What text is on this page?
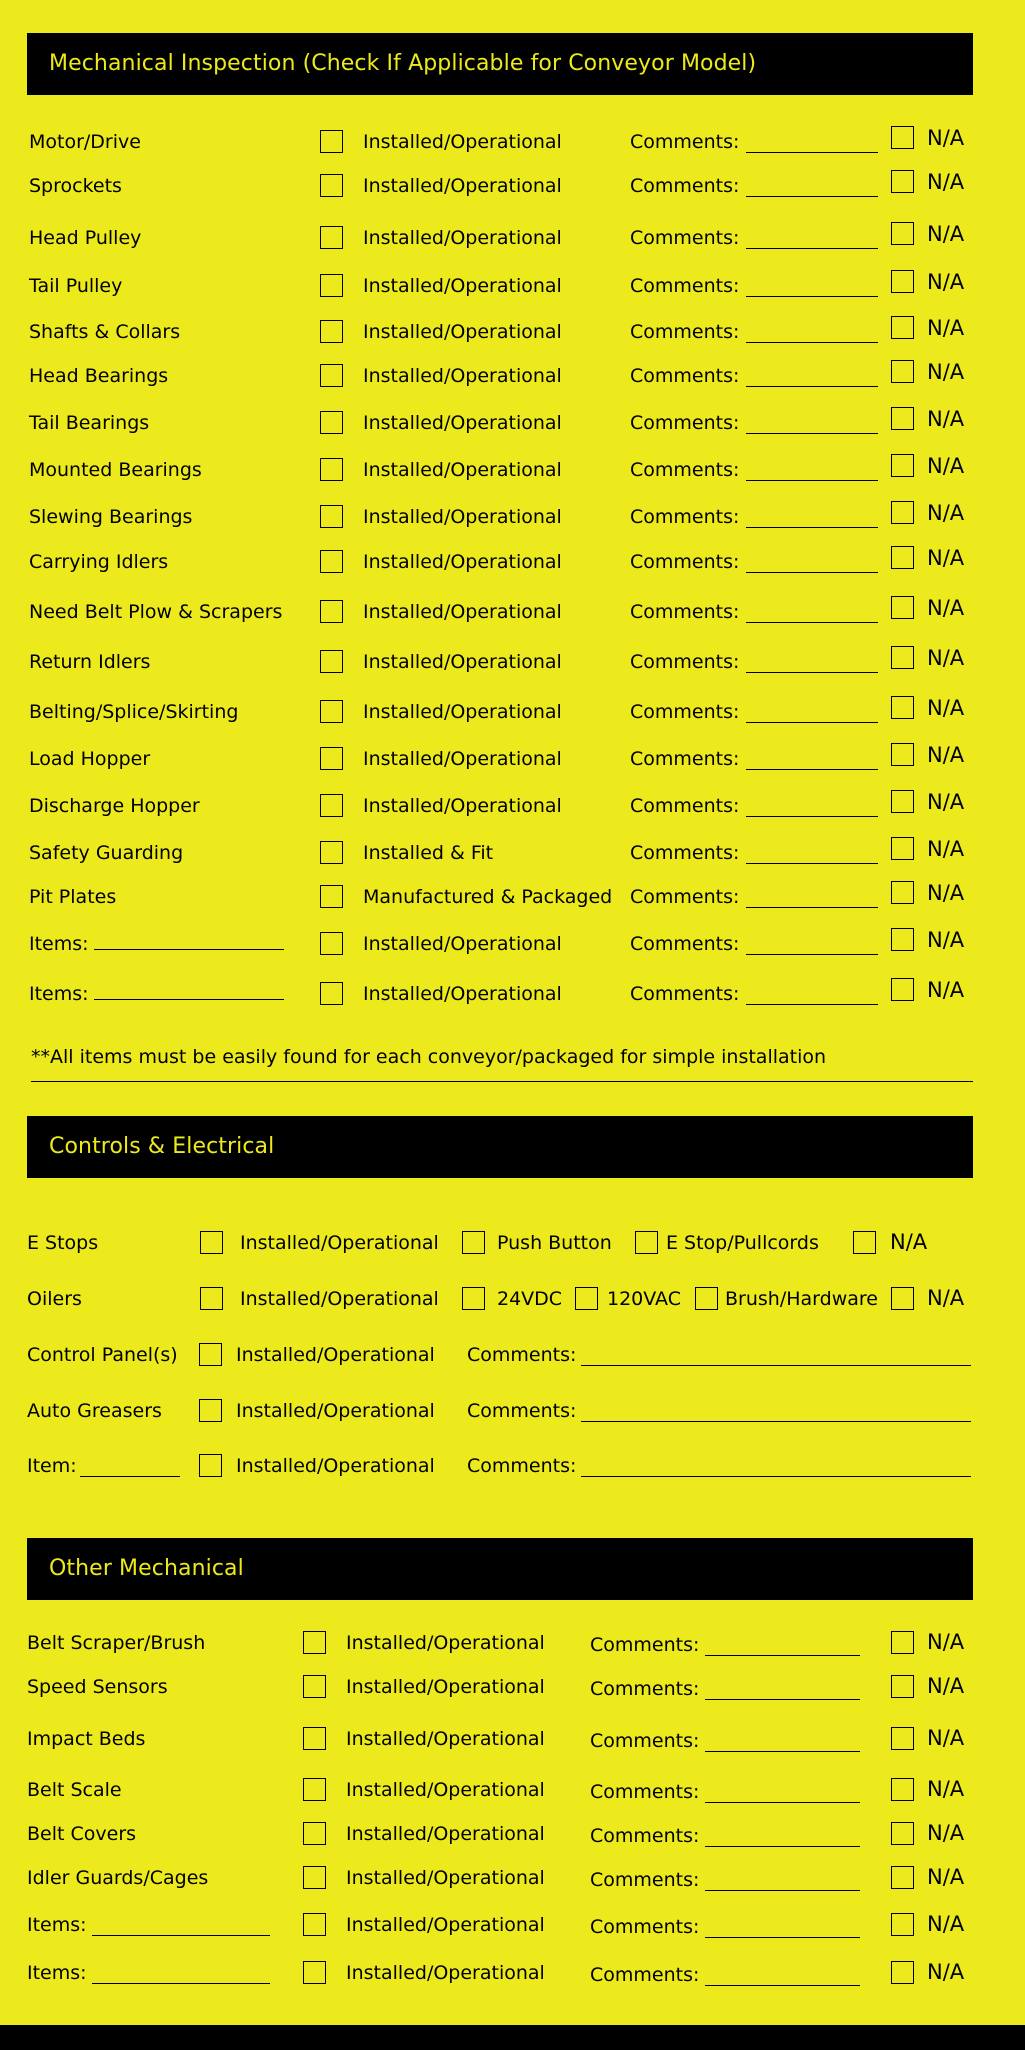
Mechanical Inspection (Check If Applicable for Conveyor Model)
Motor/Drive	Installed/Operational	Comments:	N/A
Sprockets	Installed/Operational	Comments:	N/A
Head Pulley	Installed/Operational	Comments:	N/A
Tail Pulley	Installed/Operational	Comments:	N/A
Shafts & Collars	Installed/Operational	Comments:	N/A
Head Bearings	Installed/Operational	Comments:	N/A
Tail Bearings	Installed/Operational	Comments:	N/A
Mounted Bearings	Installed/Operational	Comments:	N/A
Slewing Bearings	Installed/Operational	Comments:	N/A
Carrying Idlers	Installed/Operational	Comments:	N/A
Need Belt Plow & Scrapers	Installed/Operational	Comments:	N/A
Return Idlers	Installed/Operational	Comments:	N/A
Belting/Splice/Skirting	Installed/Operational	Comments:	N/A
Load Hopper	Installed/Operational	Comments:	N/A
Discharge Hopper	Installed/Operational	Comments:	N/A
Safety Guarding	Installed & Fit	Comments:	N/A
Pit Plates	Manufactured & Packaged Comments:	N/A
Items:	Installed/Operational	Comments:	N/A
Items:	Installed/Operational	Comments:	N/A
**All items must be easily found for each conveyor/packaged for simple installation
Controls & Electrical
E Stops	Installed/Operational	Push Button	E Stop/Pullcords	N/A
Oilers	Installed/Operational	24VDC 120VAC Brush/Hardware N/A
Control Panel(s)	Installed/Operational Comments:
Auto Greasers	Installed/Operational Comments:
Item:	Installed/Operational Comments:
Other Mechanical
Belt Scraper/Brush	Installed/Operational Comments:	N/A
Speed Sensors	Installed/Operational Comments:	N/A
Impact Beds	Installed/Operational Comments:	N/A
Belt Scale	Installed/Operational Comments:	N/A
Belt Covers	Installed/Operational Comments:	N/A
Idler Guards/Cages	Installed/Operational Comments:	N/A
Items:	Installed/Operational Comments:	N/A
Items:	Installed/Operational Comments:	N/A
